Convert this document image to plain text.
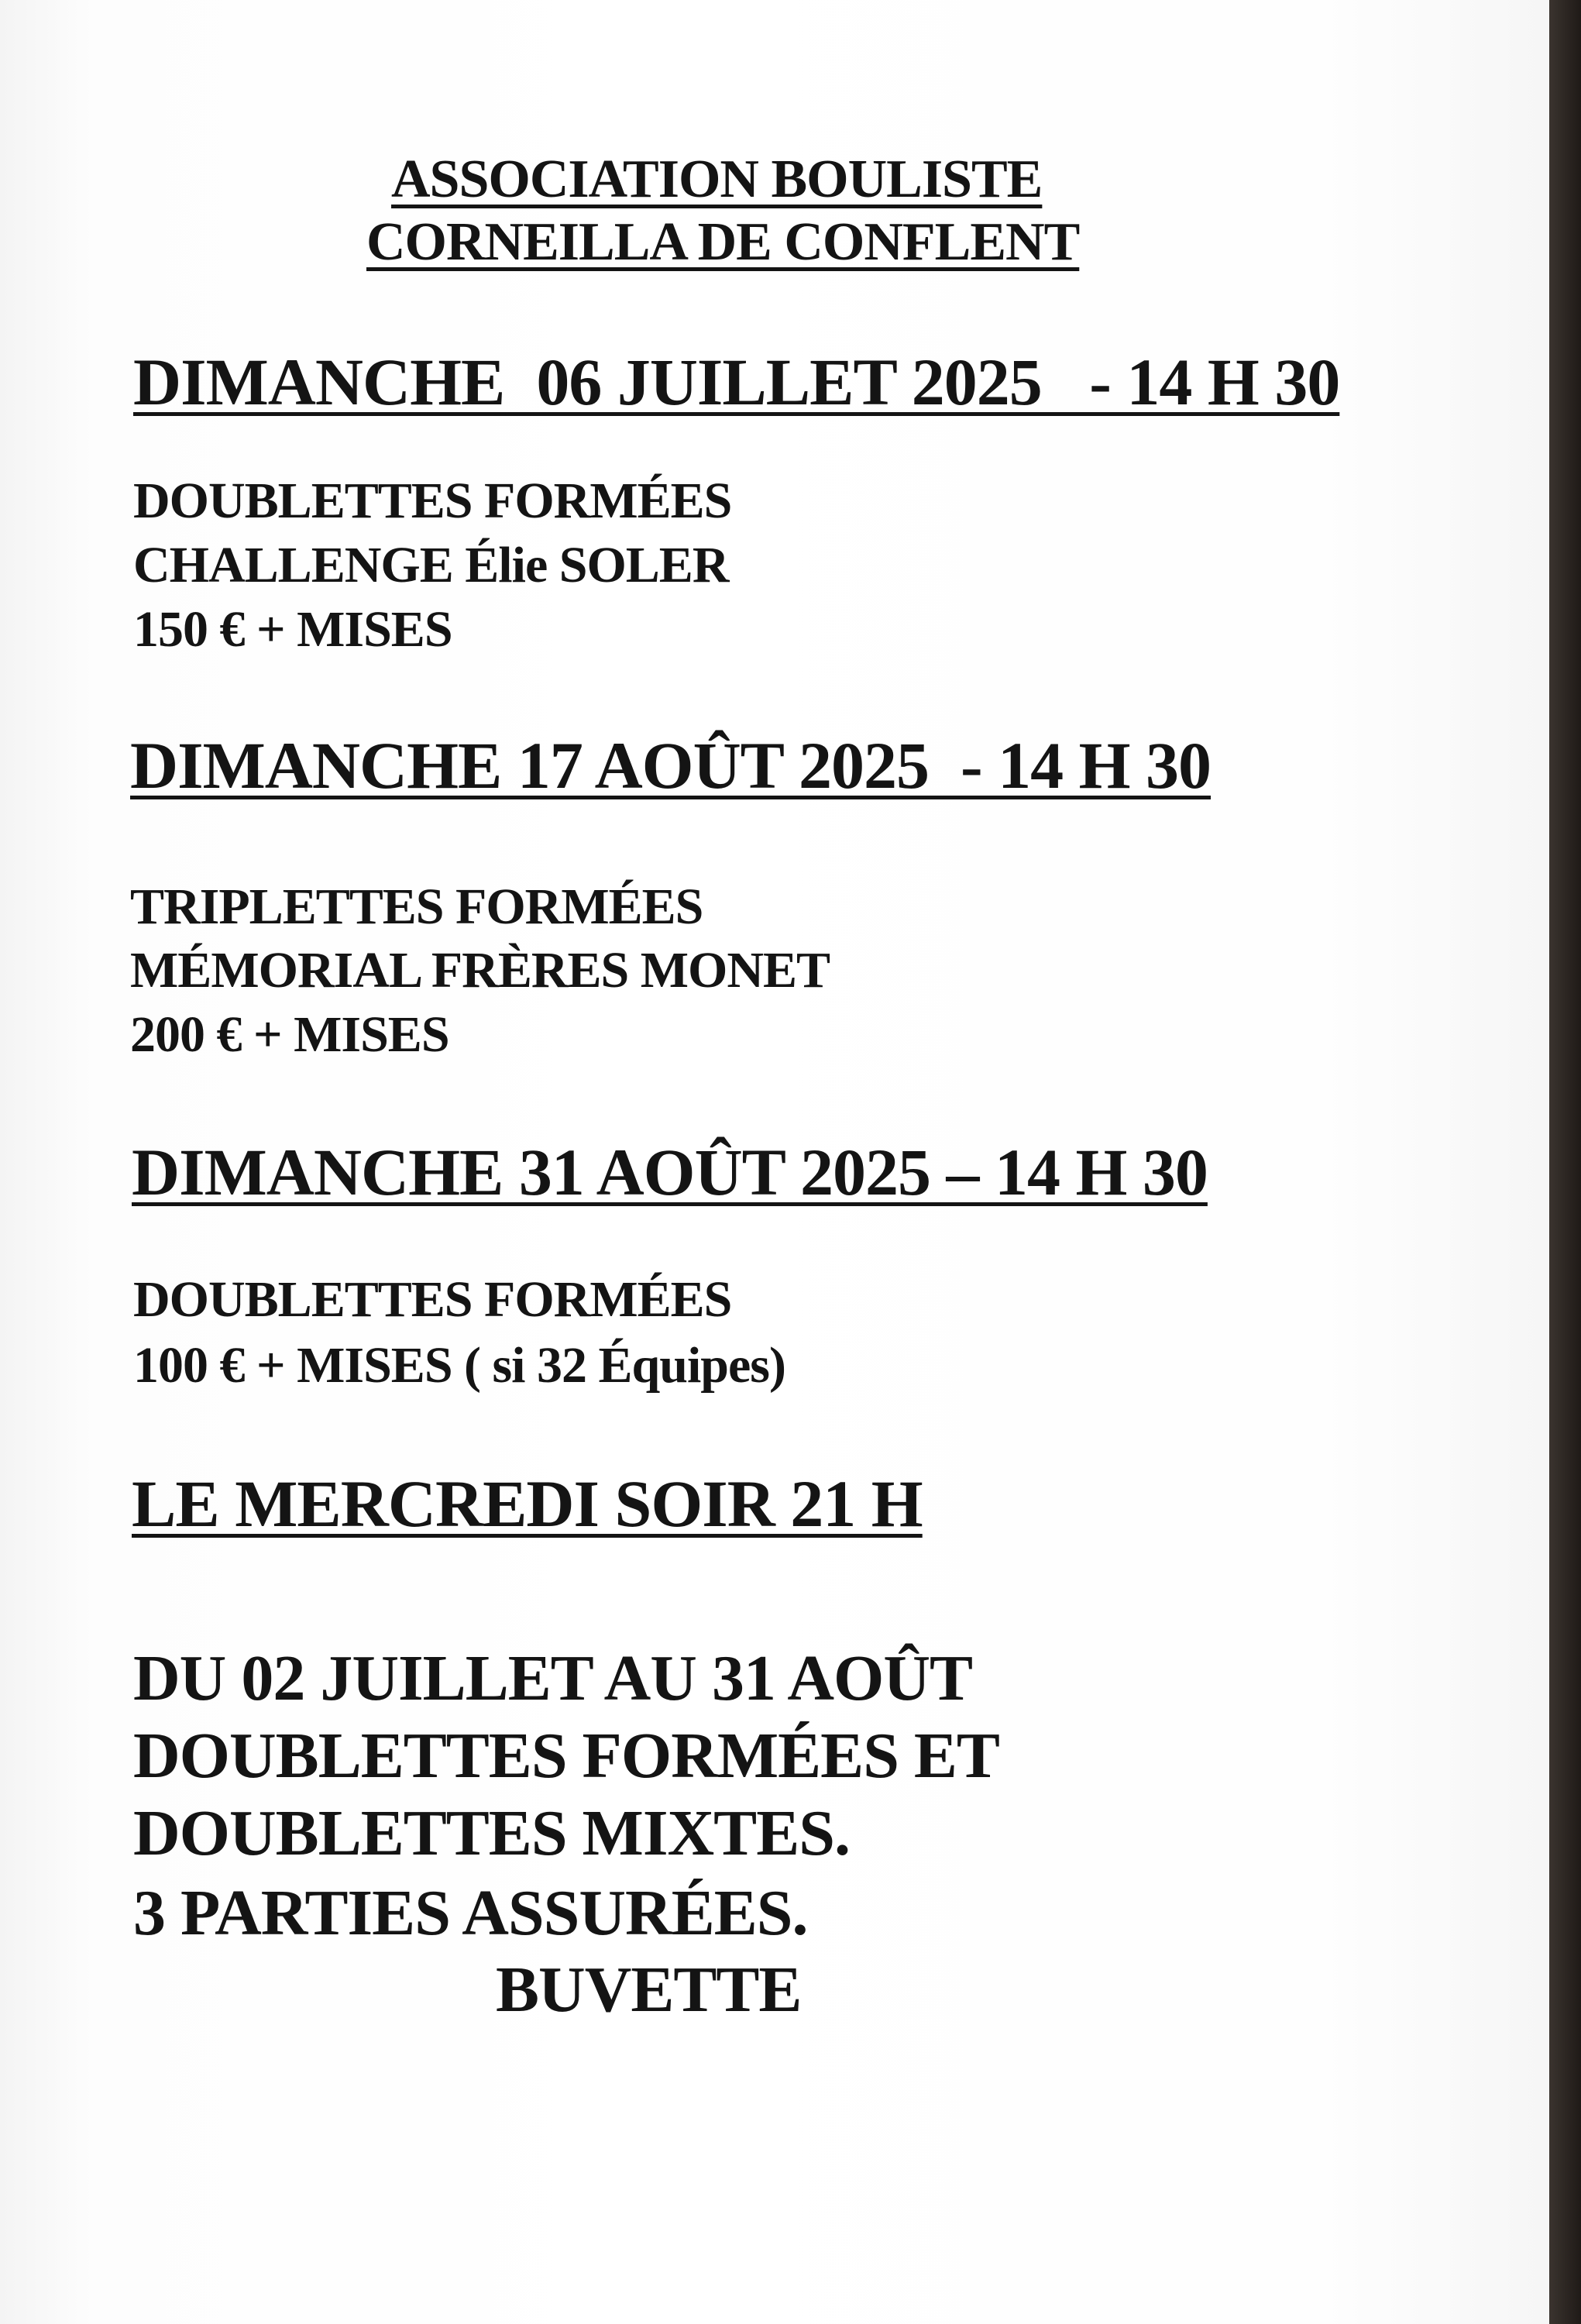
ASSOCIATION BOULISTE
CORNEILLA DE CONFLENT
DIMANCHE  06 JUILLET 2025   - 14 H 30
DOUBLETTES FORMÉES
CHALLENGE Élie SOLER
150 € + MISES
DIMANCHE 17 AOÛT 2025  - 14 H 30
TRIPLETTES FORMÉES
MÉMORIAL FRÈRES MONET
200 € + MISES
DIMANCHE 31 AOÛT 2025 – 14 H 30
DOUBLETTES FORMÉES
100 € + MISES ( si 32 Équipes)
LE MERCREDI SOIR 21 H
DU 02 JUILLET AU 31 AOÛT
DOUBLETTES FORMÉES ET
DOUBLETTES MIXTES.
3 PARTIES ASSURÉES.
BUVETTE
